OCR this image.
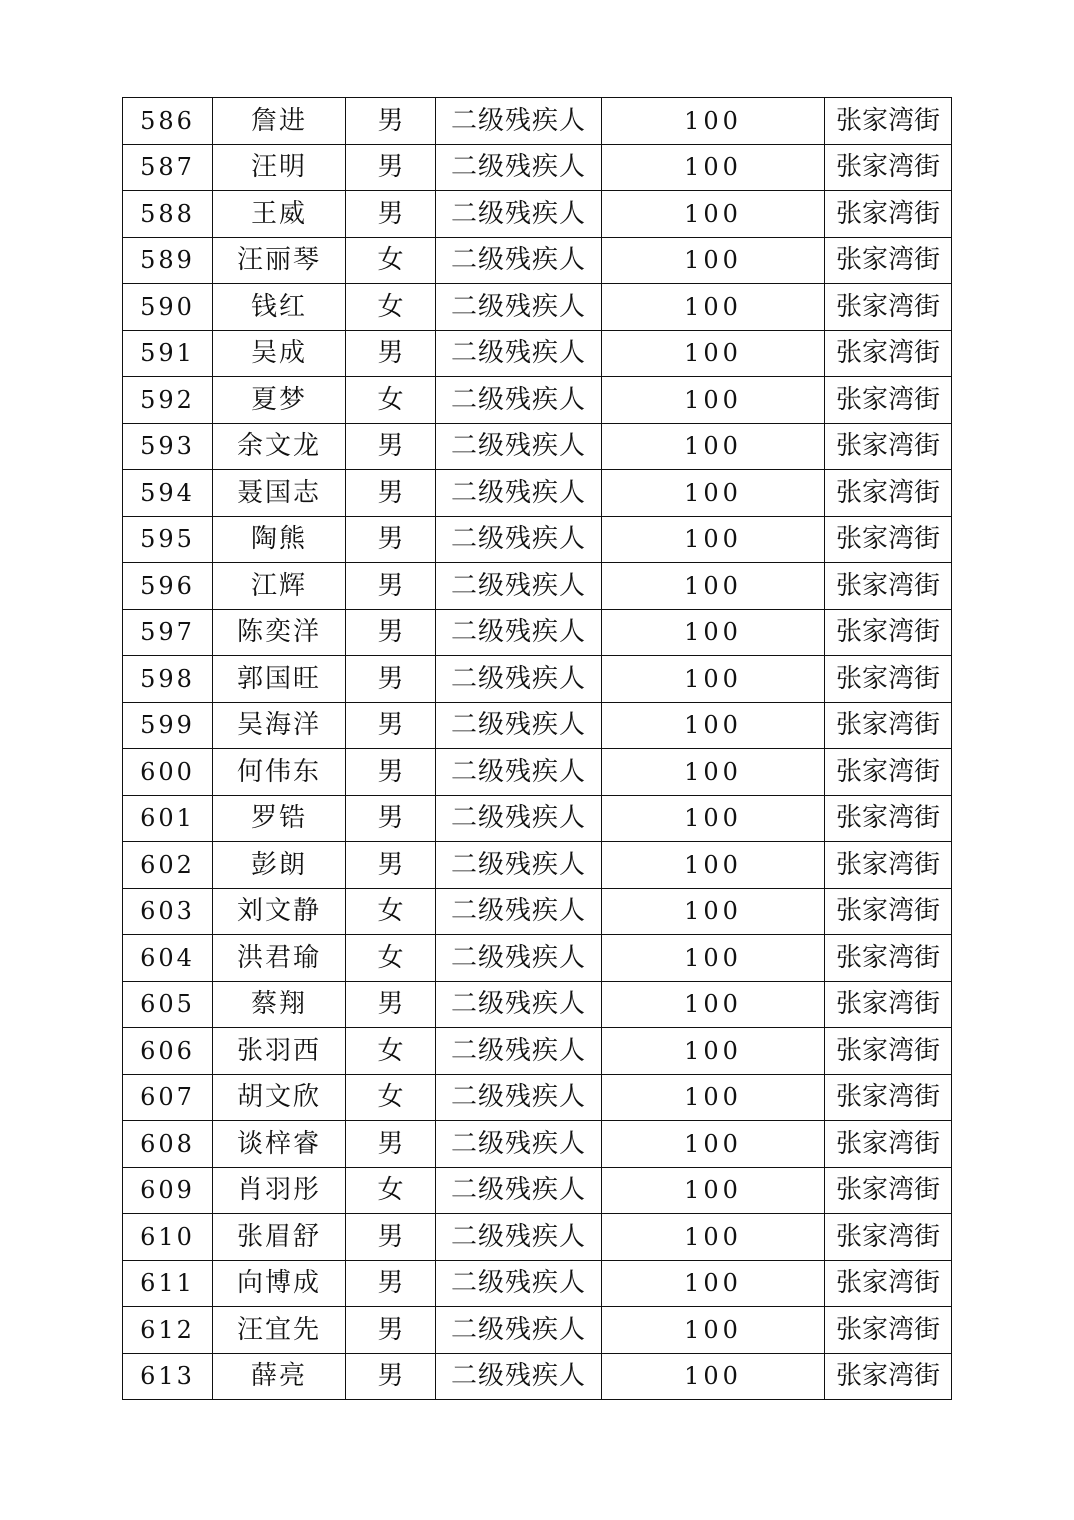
586	詹进	男	二级残疾人	100	张家湾街
587	汪明	男	二级残疾人	100	张家湾街
588	王威	男	二级残疾人	100	张家湾街
589	汪丽琴	女	二级残疾人	100	张家湾街
590	钱红	女	二级残疾人	100	张家湾街
591	吴成	男	二级残疾人	100	张家湾街
592	夏梦	女	二级残疾人	100	张家湾街
593	余文龙	男	二级残疾人	100	张家湾街
594	聂国志	男	二级残疾人	100	张家湾街
595	陶熊	男	二级残疾人	100	张家湾街
596	江辉	男	二级残疾人	100	张家湾街
597	陈奕洋	男	二级残疾人	100	张家湾街
598	郭国旺	男	二级残疾人	100	张家湾街
599	吴海洋	男	二级残疾人	100	张家湾街
600	何伟东	男	二级残疾人	100	张家湾街
601	罗锆	男	二级残疾人	100	张家湾街
602	彭朗	男	二级残疾人	100	张家湾街
603	刘文静	女	二级残疾人	100	张家湾街
604	洪君瑜	女	二级残疾人	100	张家湾街
605	蔡翔	男	二级残疾人	100	张家湾街
606	张羽西	女	二级残疾人	100	张家湾街
607	胡文欣	女	二级残疾人	100	张家湾街
608	谈梓睿	男	二级残疾人	100	张家湾街
609	肖羽彤	女	二级残疾人	100	张家湾街
610	张眉舒	男	二级残疾人	100	张家湾街
611	向博成	男	二级残疾人	100	张家湾街
612	汪宜先	男	二级残疾人	100	张家湾街
613	薛亮	男	二级残疾人	100	张家湾街
